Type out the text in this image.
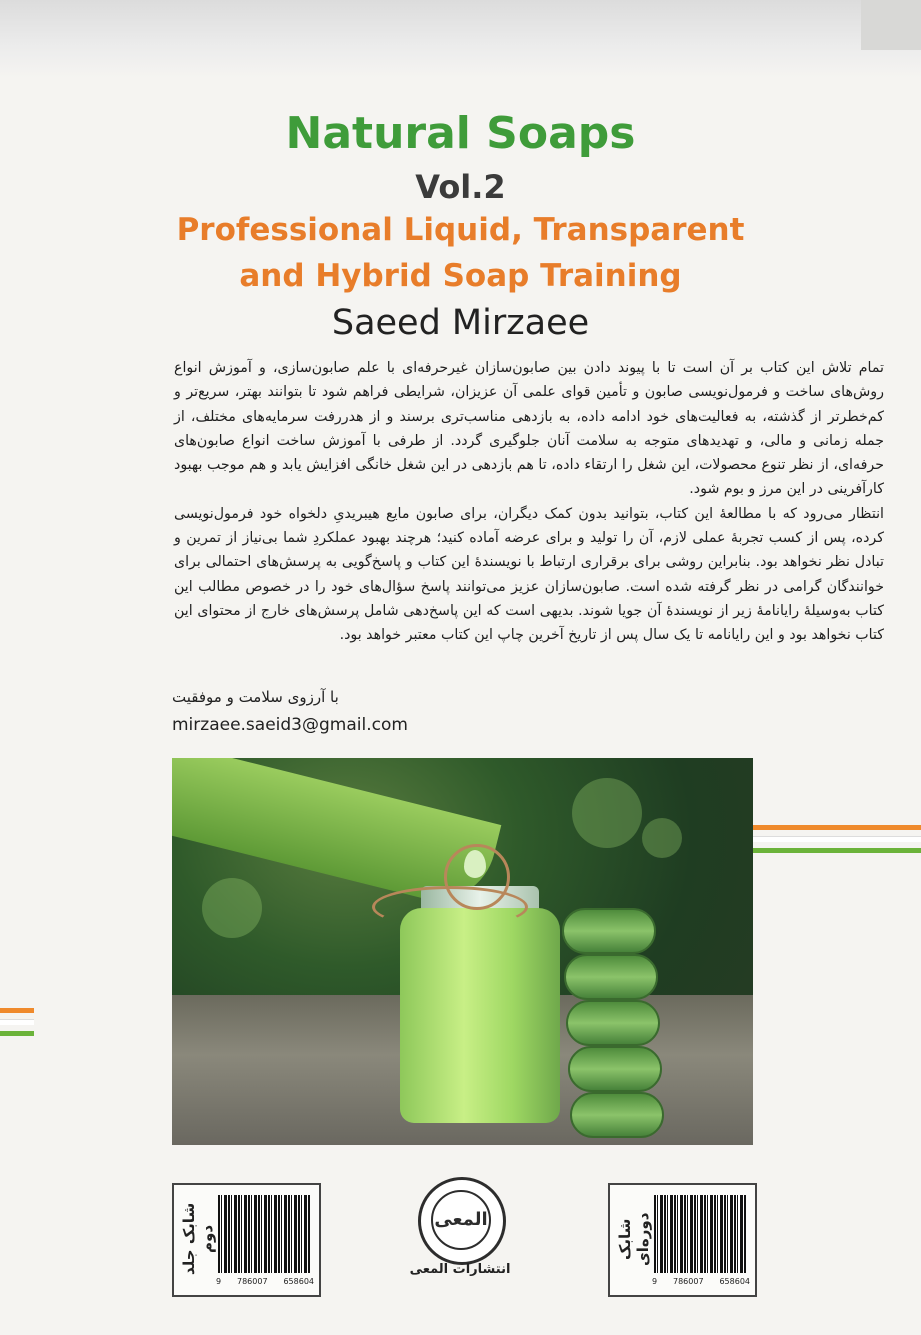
Natural Soaps
Vol.2
Professional Liquid, Transparent
and Hybrid Soap Training
Saeed Mirzaee

تمام تلاش این کتاب بر آن است تا با پیوند دادن بین صابون‌سازان غیرحرفه‌ای با علم صابون‌سازی، و آموزش انواع روش‌های ساخت و فرمول‌نویسی صابون و تأمین قوای علمی آن عزیزان، شرایطی فراهم شود تا بتوانند بهتر، سریع‌تر و کم‌خطرتر از گذشته، به فعالیت‌های خود ادامه داده، به بازدهی مناسب‌تری برسند و از هدررفت سرمایه‌های مختلف، از جمله زمانی و مالی، و تهدیدهای متوجه به سلامت آنان جلوگیری گردد. از طرفی با آموزش ساخت انواع صابون‌های حرفه‌ای، از نظر تنوع محصولات، این شغل را ارتقاء داده، تا هم بازدهی در این شغل خانگی افزایش یابد و هم موجب بهبود کارآفرینی در این مرز و بوم شود.

انتظار می‌رود که با مطالعهٔ این کتاب، بتوانید بدون کمک دیگران، برای صابون مایع هیبریدیِ دلخواه خود فرمول‌نویسی کرده، پس از کسب تجربهٔ عملی لازم، آن را تولید و برای عرضه آماده کنید؛ هرچند بهبود عملکردِ شما بی‌نیاز از تمرین و تبادل نظر نخواهد بود. بنابراین روشی برای برقراری ارتباط با نویسندهٔ این کتاب و پاسخ‌گویی به پرسش‌های احتمالی برای خوانندگان گرامی در نظر گرفته شده است. صابون‌سازان عزیز می‌توانند پاسخ سؤال‌های خود را در خصوص مطالب این کتاب به‌وسیلهٔ رایانامهٔ زیر از نویسندهٔ آن جویا شوند. بدیهی است که این پاسخ‌دهی شامل پرسش‌های خارج از محتوای این کتاب نخواهد بود و این رایانامه تا یک سال پس از تاریخ آخرین چاپ این کتاب معتبر خواهد بود.

با آرزوی سلامت و موفقیت
mirzaee.saeid3@gmail.com
شابک جلد دوم
9 786007 658604
المعی
انتشارات المعی
شابک دوره‌ای
9 786007 658604
